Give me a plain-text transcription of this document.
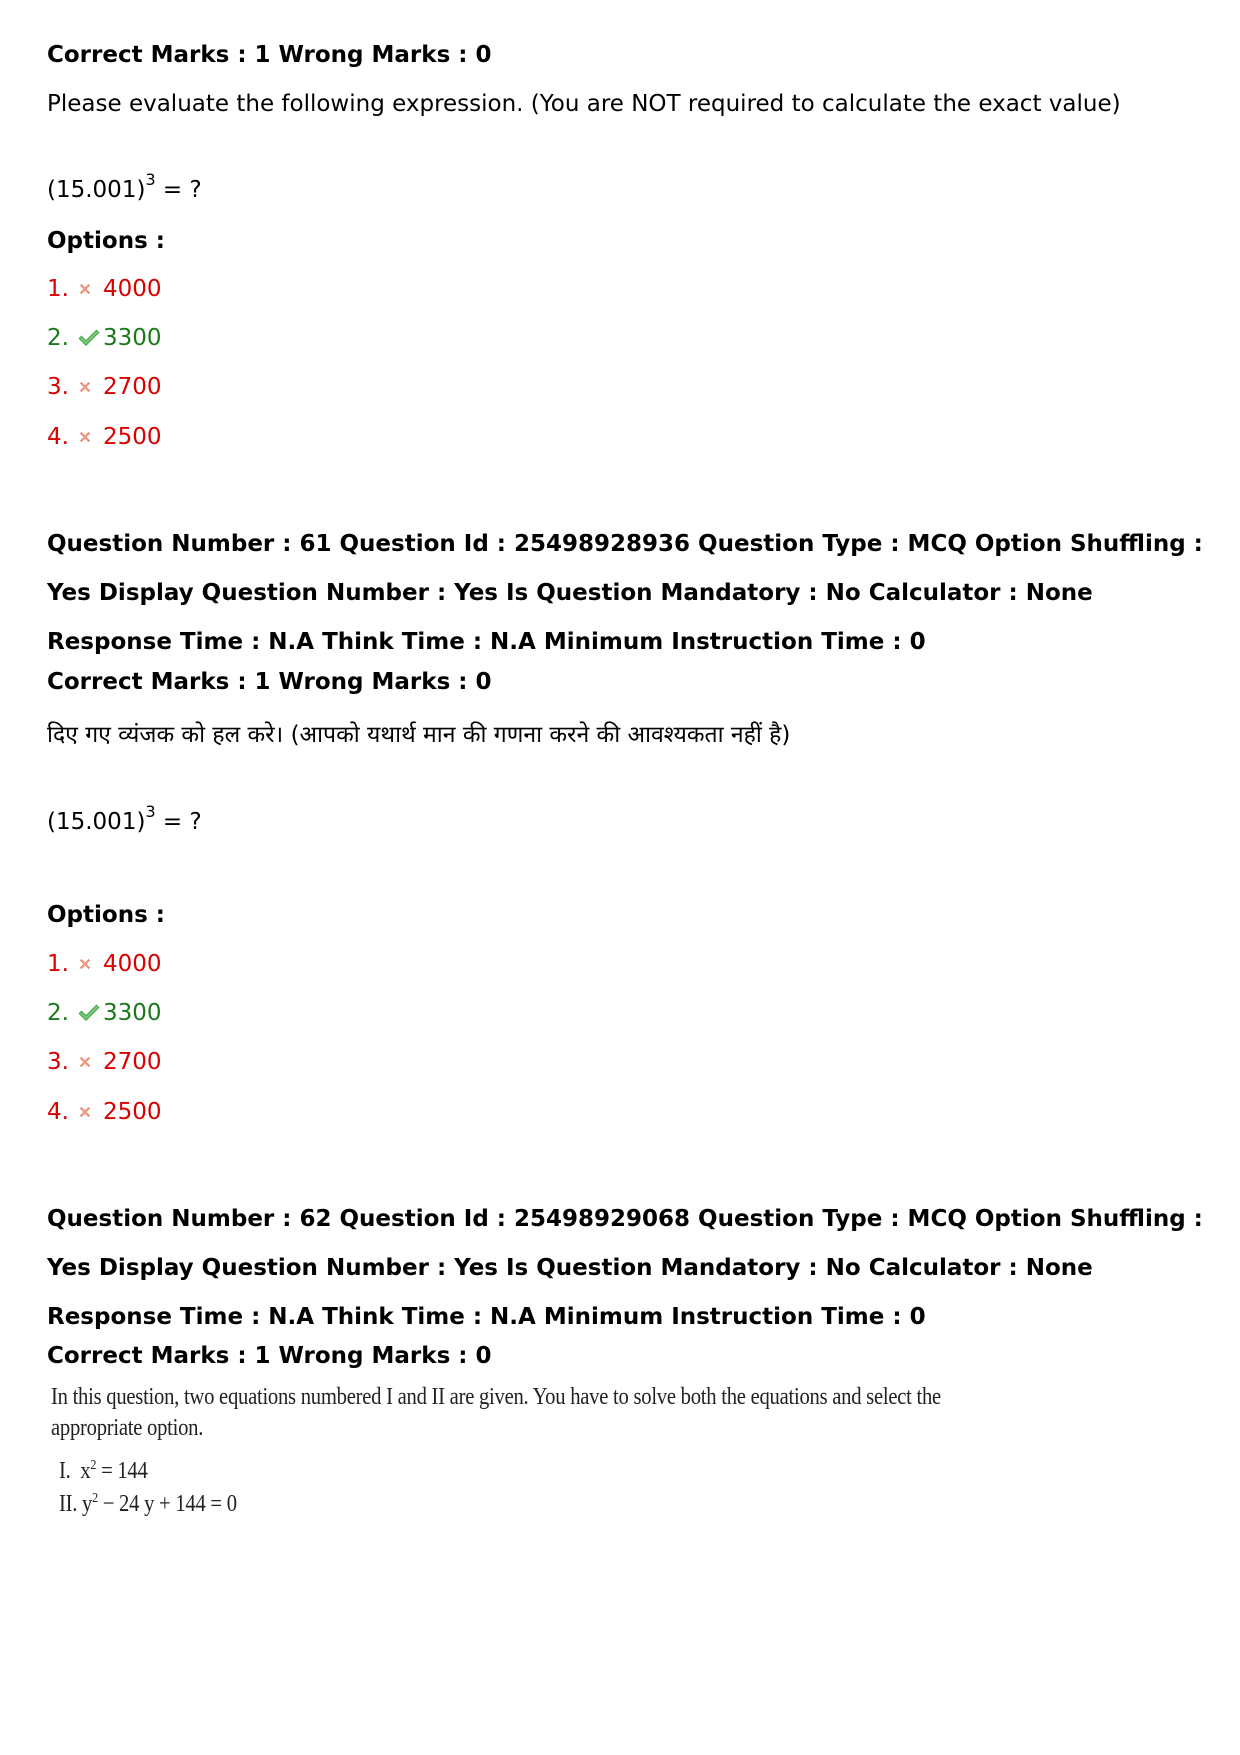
Correct Marks : 1 Wrong Marks : 0
Please evaluate the following expression. (You are NOT required to calculate the exact value)
$(15.001)^3$ = ?
Options :
1.	4000
2.	3300
3.	2700
4.	2500
Question Number : 61 Question Id : 25498928936 Question Type : MCQ Option Shuffling : Yes Display Question Number : Yes Is Question Mandatory : No Calculator : None Response Time : N.A Think Time : N.A Minimum Instruction Time : 0
Correct Marks : 1 Wrong Marks : 0
दिए गए व्यंजक को हल करे। (आपको यथार्थ मान की गणना करने की आवश्यकता नहीं है)
$(15.001)^3$ = ?
Options :
1.	4000
2.	3300
3.	2700
4.	2500
Question Number : 62 Question Id : 25498929068 Question Type : MCQ Option Shuffling : Yes Display Question Number : Yes Is Question Mandatory : No Calculator : None Response Time : N.A Think Time : N.A Minimum Instruction Time : 0
Correct Marks : 1 Wrong Marks : 0
In this question, two equations numbered I and II are given. You have to solve both the equations and select the
appropriate option.
I. $x^2 = 144$
II. $y^2 - 24$ y + 144 = 0
